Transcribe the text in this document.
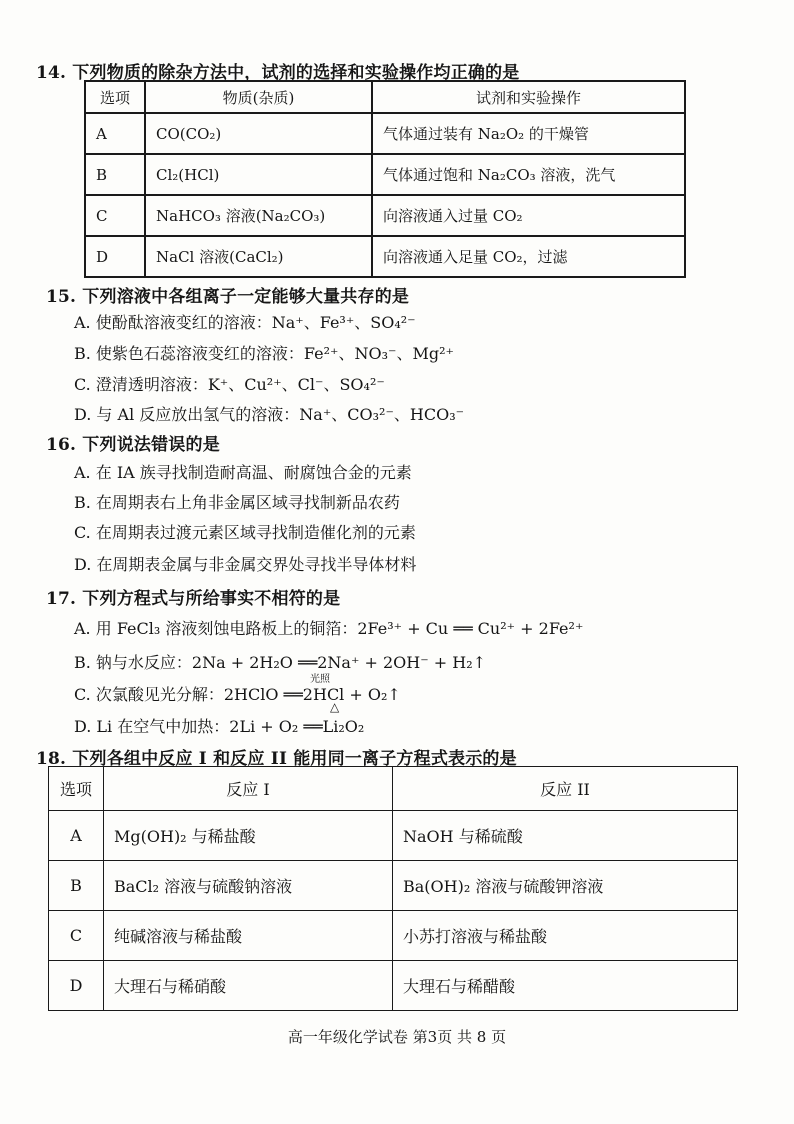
14. 下列物质的除杂方法中，试剂的选择和实验操作均正确的是
选项	物质(杂质)	试剂和实验操作
A	CO(CO₂)	气体通过装有 Na₂O₂ 的干燥管
B	Cl₂(HCl)	气体通过饱和 Na₂CO₃ 溶液，洗气
C	NaHCO₃ 溶液(Na₂CO₃)	向溶液通入过量 CO₂
D	NaCl 溶液(CaCl₂)	向溶液通入足量 CO₂，过滤
15. 下列溶液中各组离子一定能够大量共存的是
A. 使酚酞溶液变红的溶液：Na⁺、Fe³⁺、SO₄²⁻
B. 使紫色石蕊溶液变红的溶液：Fe²⁺、NO₃⁻、Mg²⁺
C. 澄清透明溶液：K⁺、Cu²⁺、Cl⁻、SO₄²⁻
D. 与 Al 反应放出氢气的溶液：Na⁺、CO₃²⁻、HCO₃⁻
16. 下列说法错误的是
A. 在 IA 族寻找制造耐高温、耐腐蚀合金的元素
B. 在周期表右上角非金属区域寻找制新品农药
C. 在周期表过渡元素区域寻找制造催化剂的元素
D. 在周期表金属与非金属交界处寻找半导体材料
17. 下列方程式与所给事实不相符的是
A. 用 FeCl₃ 溶液刻蚀电路板上的铜箔：2Fe³⁺ + Cu ══ Cu²⁺ + 2Fe²⁺
B. 钠与水反应：2Na + 2H₂O ══2Na⁺ + 2OH⁻ + H₂↑
C. 次氯酸见光分解：2HClO ══2HCl + O₂↑
光照
D. Li 在空气中加热：2Li + O₂ ══Li₂O₂
△
18. 下列各组中反应 I 和反应 II 能用同一离子方程式表示的是
选项	反应 I	反应 II
A	Mg(OH)₂ 与稀盐酸	NaOH 与稀硫酸
B	BaCl₂ 溶液与硫酸钠溶液	Ba(OH)₂ 溶液与硫酸钾溶液
C	纯碱溶液与稀盐酸	小苏打溶液与稀盐酸
D	大理石与稀硝酸	大理石与稀醋酸
高一年级化学试卷 第3页 共 8 页
